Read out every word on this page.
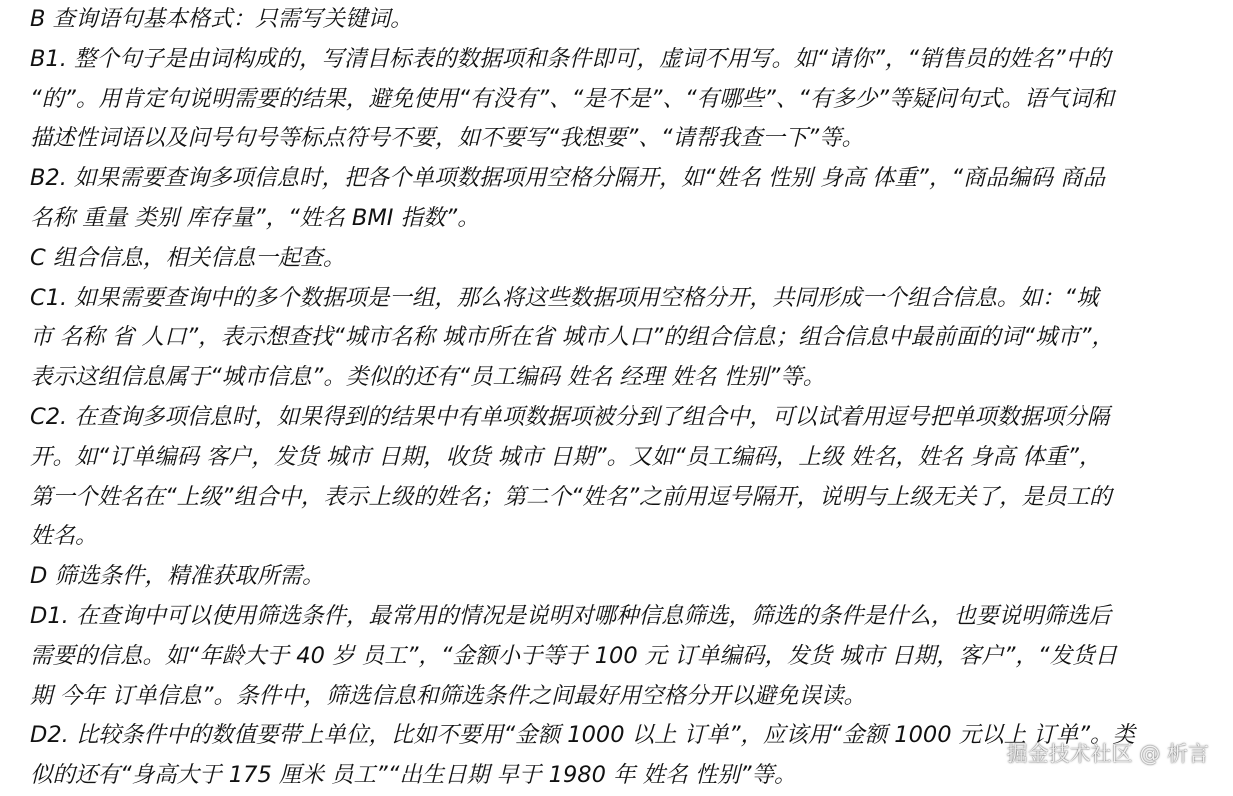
B 查询语句基本格式：只需写关键词。
B1. 整个句子是由词构成的，写清目标表的数据项和条件即可，虚词不用写。如“请你”，“销售员的姓名”中的
“的”。用肯定句说明需要的结果，避免使用“有没有”、“是不是”、“有哪些”、“有多少”等疑问句式。语气词和
描述性词语以及问号句号等标点符号不要，如不要写“我想要”、“请帮我查一下”等。
B2. 如果需要查询多项信息时，把各个单项数据项用空格分隔开，如“姓名 性别 身高 体重”，“商品编码 商品
名称 重量 类别 库存量”，“姓名 BMI 指数”。
C 组合信息，相关信息一起查。
C1. 如果需要查询中的多个数据项是一组，那么将这些数据项用空格分开，共同形成一个组合信息。如：“城
市 名称 省 人口”，表示想查找“城市名称 城市所在省 城市人口”的组合信息；组合信息中最前面的词“城市”，
表示这组信息属于“城市信息”。类似的还有“员工编码 姓名 经理 姓名 性别”等。
C2. 在查询多项信息时，如果得到的结果中有单项数据项被分到了组合中，可以试着用逗号把单项数据项分隔
开。如“订单编码 客户，发货 城市 日期，收货 城市 日期”。又如“员工编码，上级 姓名，姓名 身高 体重”，
第一个姓名在“上级”组合中，表示上级的姓名；第二个“姓名”之前用逗号隔开，说明与上级无关了，是员工的
姓名。
D 筛选条件，精准获取所需。
D1. 在查询中可以使用筛选条件，最常用的情况是说明对哪种信息筛选，筛选的条件是什么，也要说明筛选后
需要的信息。如“年龄大于 40 岁 员工”，“金额小于等于 100 元 订单编码，发货 城市 日期，客户”，“发货日
期 今年 订单信息”。条件中，筛选信息和筛选条件之间最好用空格分开以避免误读。
D2. 比较条件中的数值要带上单位，比如不要用“金额 1000 以上 订单”，应该用“金额 1000 元以上 订单”。类
似的还有“身高大于 175 厘米 员工”“出生日期 早于 1980 年 姓名 性别”等。
掘金技术社区 @ 析言
